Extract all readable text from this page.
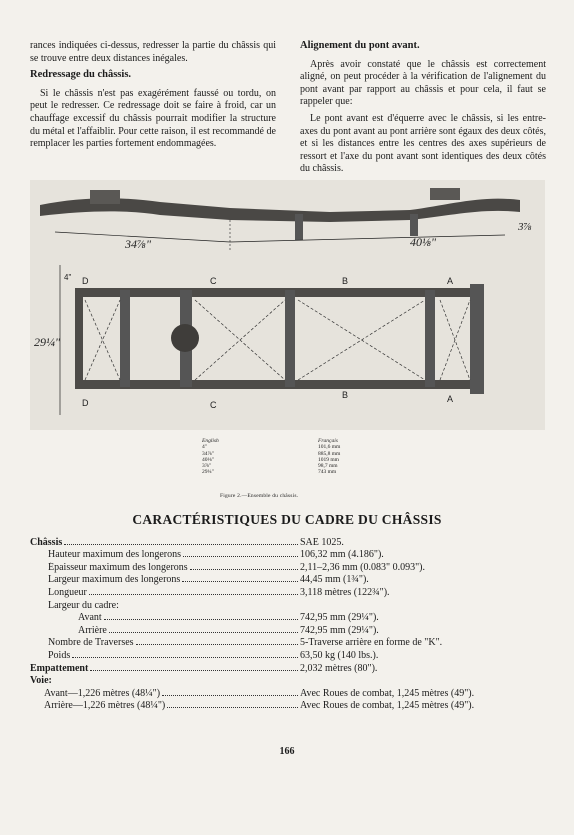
rances indiquées ci-dessus, redresser la partie du châssis qui se trouve entre deux distances inégales.

Redressage du châssis.

Si le châssis n'est pas exagérément faussé ou tordu, on peut le redresser. Ce redressage doit se faire à froid, car un chauffage excessif du châssis pourrait modifier la structure du métal et l'affaiblir. Pour cette raison, il est recommandé de remplacer les parties fortement endommagées.

Alignement du pont avant.

Après avoir constaté que le châssis est correctement aligné, on peut procéder à la vérification de l'alignement du pont avant par rapport au châssis et pour cela, il faut se rappeler que:

Le pont avant est d'équerre avec le châssis, si les entre-axes du pont avant au pont arrière sont égaux des deux côtés, et si les distances entre les centres des axes supérieurs de ressort et l'axe du pont avant sont identiques des deux côtés du châssis.

34⅞"	40⅛"
3⅞
29¼"
4" D
D
C
C
B
B
A
A
English	Français
4"	101,6 mm
34⅞"	885,8 mm
40⅛"	1019 mm
3⅞"	98,7 mm
29¼"	743 mm
Figure 2.—Ensemble du châssis.
CARACTÉRISTIQUES DU CADRE DU CHÂSSIS
Châssis	SAE 1025.
Hauteur maximum des longerons	106,32 mm (4.186").
Épaisseur maximum des longerons	2,11–2,36 mm (0.083" 0.093").
Largeur maximum des longerons	44,45 mm (1¾").
Longueur	3,118 mètres (122¾").
Largeur du cadre:
Avant	742,95 mm (29¼").
Arrière	742,95 mm (29¼").
Nombre de Traverses	5-Traverse arrière en forme de "K".
Poids	63,50 kg (140 lbs.).
Empattement	2,032 mètres (80").
Voie:
Avant—1,226 mètres (48¼")	Avec Roues de combat, 1,245 mètres (49").
Arrière—1,226 mètres (48¼")	Avec Roues de combat, 1,245 mètres (49").
166
